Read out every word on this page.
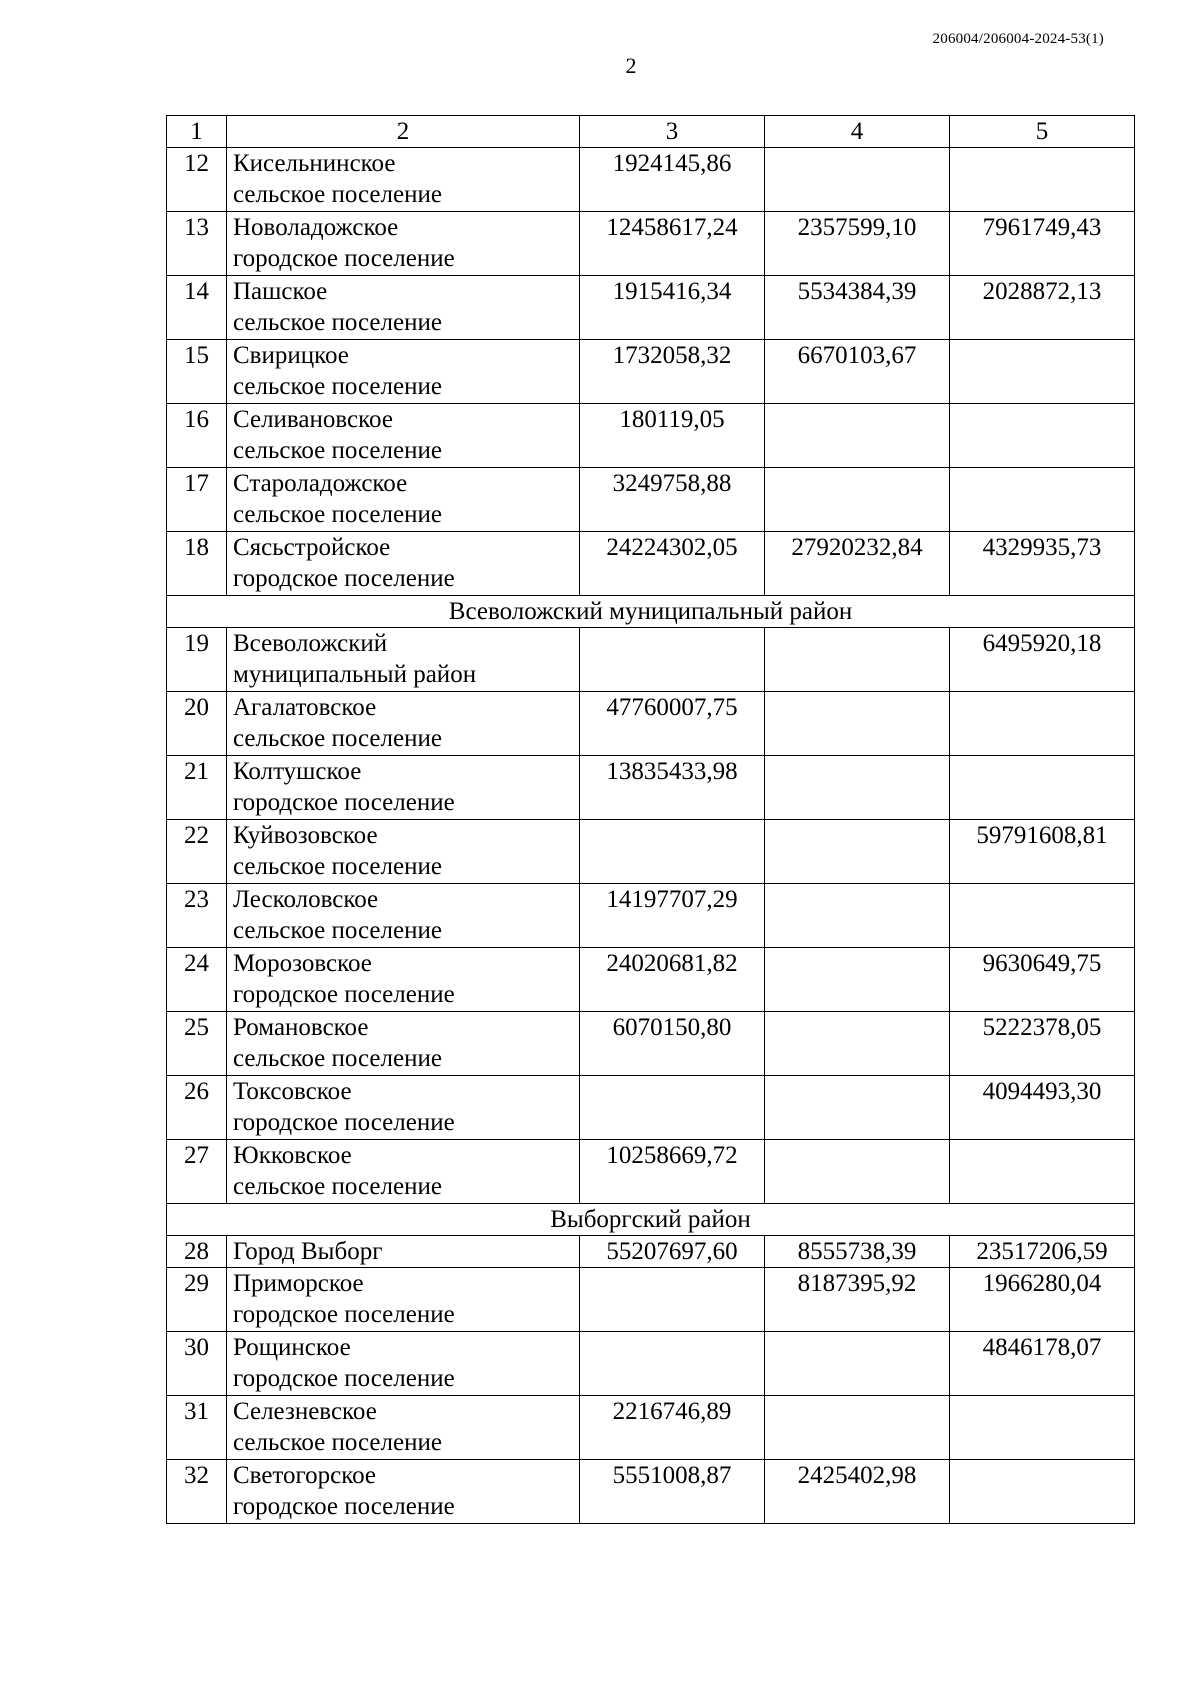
206004/206004-2024-53(1)
2
1	2	3	4	5
12	Кисельнинское
сельское поселение	1924145,86		
13	Новоладожское
городское поселение	12458617,24	2357599,10	7961749,43
14	Пашское
сельское поселение	1915416,34	5534384,39	2028872,13
15	Свирицкое
сельское поселение	1732058,32	6670103,67	
16	Селивановское
сельское поселение	180119,05		
17	Староладожское
сельское поселение	3249758,88		
18	Сясьстройское
городское поселение	24224302,05	27920232,84	4329935,73
Всеволожский муниципальный район				
19	Всеволожский
муниципальный район			6495920,18
20	Агалатовское
сельское поселение	47760007,75		
21	Колтушское
городское поселение	13835433,98		
22	Куйвозовское
сельское поселение			59791608,81
23	Лесколовское
сельское поселение	14197707,29		
24	Морозовское
городское поселение	24020681,82		9630649,75
25	Романовское
сельское поселение	6070150,80		5222378,05
26	Токсовское
городское поселение			4094493,30
27	Юкковское
сельское поселение	10258669,72		
Выборгский район				
28	Город Выборг	55207697,60	8555738,39	23517206,59
29	Приморское
городское поселение		8187395,92	1966280,04
30	Рощинское
городское поселение			4846178,07
31	Селезневское
сельское поселение	2216746,89		
32	Светогорское
городское поселение	5551008,87	2425402,98	
